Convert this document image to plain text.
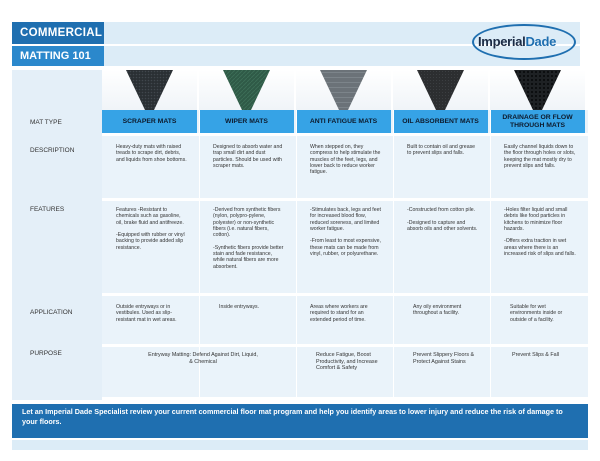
COMMERCIAL
MATTING 101
ImperialDade
MAT TYPE
DESCRIPTION
FEATURES
APPLICATION
PURPOSE
SCRAPER MATS
Heavy-duty mats with raised treads to scrape dirt, debris, and liquids from shoe bottoms.
Features -Resistant to chemicals such as gasoline, oil, brake fluid and antifreeze.

-Equipped with rubber or vinyl backing to provide added slip resistance.
Outside entryways or in vestibules. Used as slip-resistant mat in wet areas.
WIPER MATS
Designed to absorb water and trap small dirt and dust particles. Should be used with scraper mats.
-Derived from synthetic fibers (nylon, polypro-pylene, polyester) or non-synthetic fibers (i.e. natural fibers, cotton).

-Synthetic fibers provide better stain and fade resistance, while natural fibers are more absorbent.
Inside entryways.
ANTI FATIGUE MATS
When stepped on, they compress to help stimulate the muscles of the feet, legs, and lower back to reduce worker fatigue.
-Stimulates back, legs and feet for increased blood flow, reduced soreness, and limited worker fatigue.

-From least to most expensive, these mats can be made from vinyl, rubber, or polyurethane.
Areas where workers are required to stand for an extended period of time.
OIL ABSORBENT MATS
Built to contain oil and grease to prevent slips and falls.
-Constructed from cotton pile.

-Designed to capture and absorb oils and other solvents.
Any oily environment throughout a facility.
DRAINAGE OR FLOW THROUGH MATS
Easily channel liquids down to the floor through holes or slots, keeping the mat mostly dry to prevent slips and falls.
-Holes filter liquid and small debris like food particles in kitchens to minimize floor hazards.

-Offers extra traction in wet areas where there is an increased risk of slips and falls.
Suitable for wet environments inside or outside of a facility.
Entryway Matting: Defend Against Dirt, Liquid, & Chemical
Reduce Fatigue, Boost Productivity, and Increase Comfort & Safety
Prevent Slippery Floors & Protect Against Stains
Prevent Slips & Fall
Let an Imperial Dade Specialist review your current commercial floor mat program and help you identify areas to lower injury and reduce the risk of damage to your floors.
